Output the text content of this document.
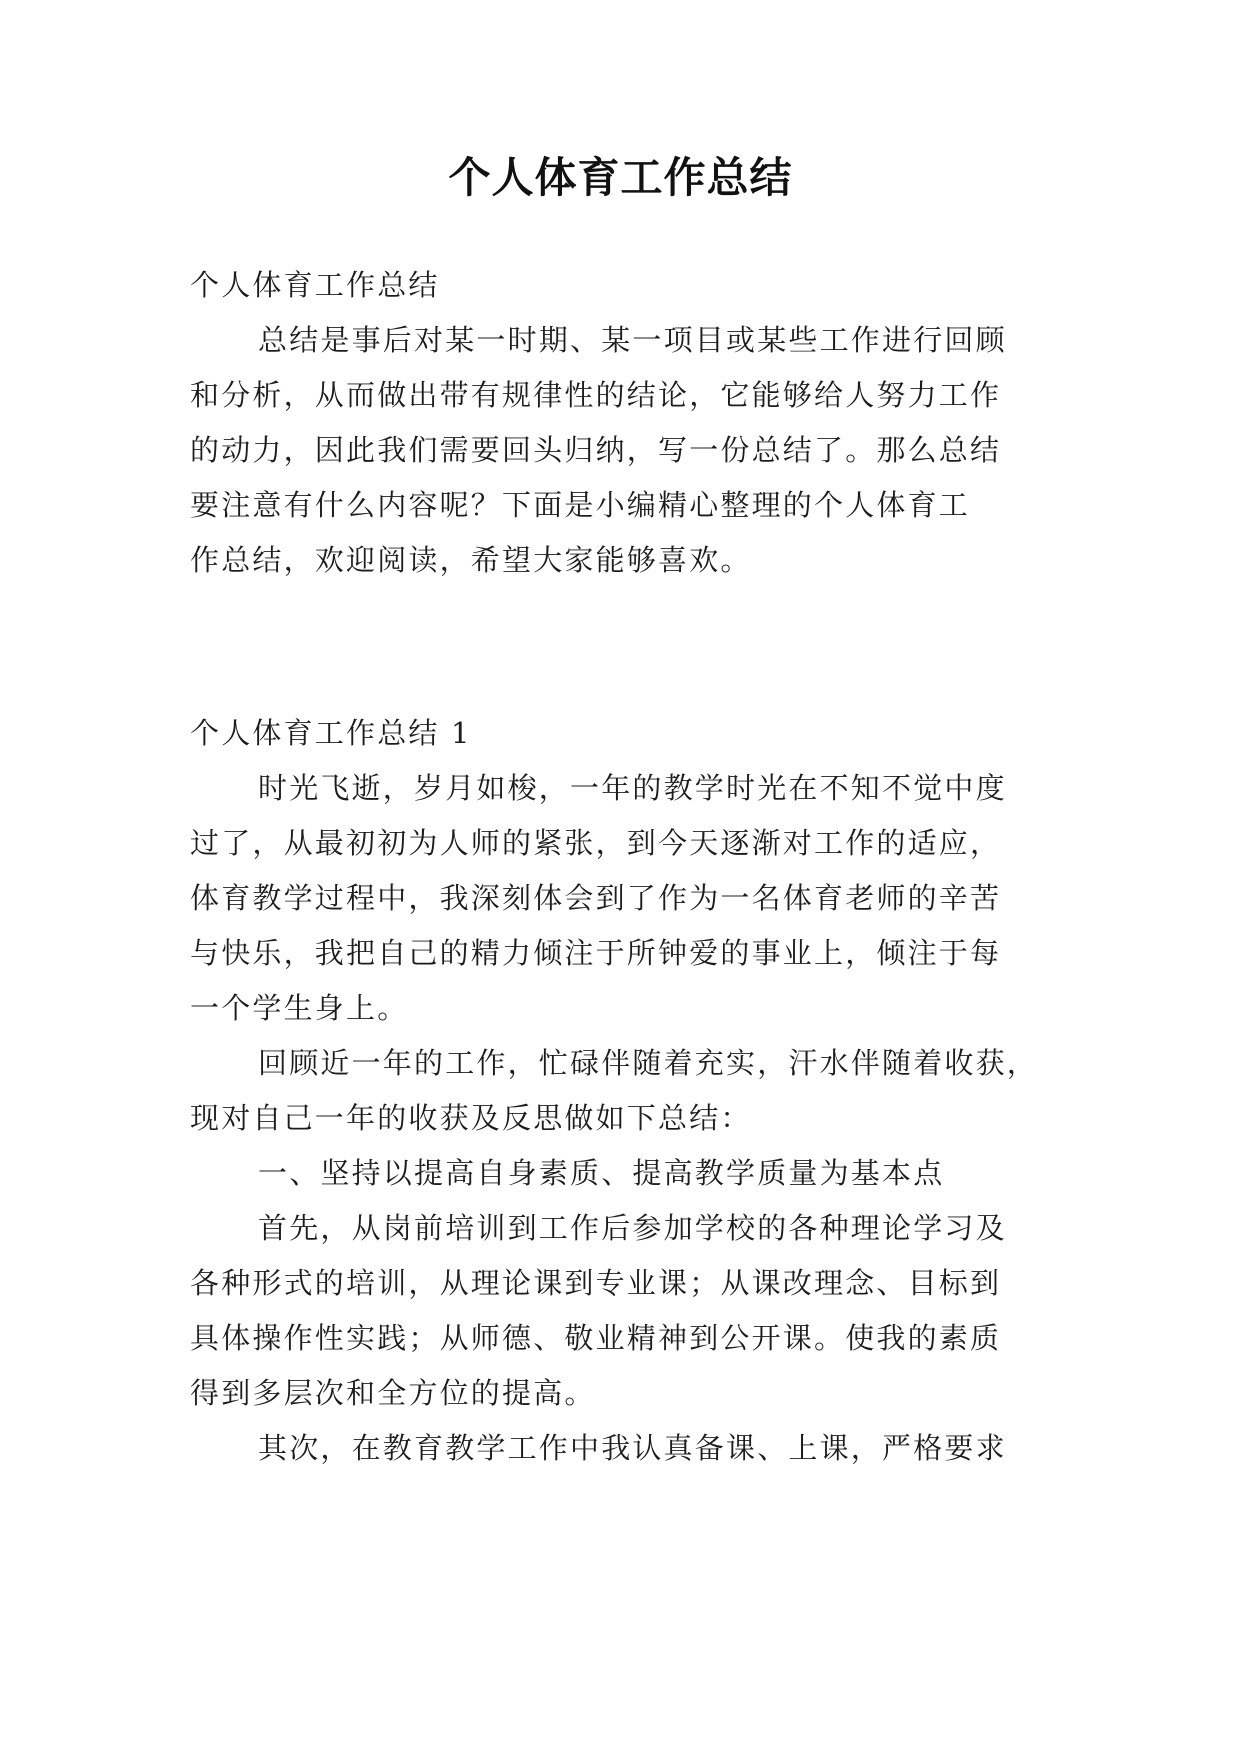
个人体育工作总结
个人体育工作总结
总结是事后对某一时期、某一项目或某些工作进行回顾
和分析，从而做出带有规律性的结论，它能够给人努力工作
的动力，因此我们需要回头归纳，写一份总结了。那么总结
要注意有什么内容呢？下面是小编精心整理的个人体育工
作总结，欢迎阅读，希望大家能够喜欢。
个人体育工作总结 1
时光飞逝，岁月如梭，一年的教学时光在不知不觉中度
过了，从最初初为人师的紧张，到今天逐渐对工作的适应，
体育教学过程中，我深刻体会到了作为一名体育老师的辛苦
与快乐，我把自己的精力倾注于所钟爱的事业上，倾注于每
一个学生身上。
回顾近一年的工作，忙碌伴随着充实，汗水伴随着收获，
现对自己一年的收获及反思做如下总结：
一、坚持以提高自身素质、提高教学质量为基本点
首先，从岗前培训到工作后参加学校的各种理论学习及
各种形式的培训，从理论课到专业课；从课改理念、目标到
具体操作性实践；从师德、敬业精神到公开课。使我的素质
得到多层次和全方位的提高。
其次，在教育教学工作中我认真备课、上课，严格要求
